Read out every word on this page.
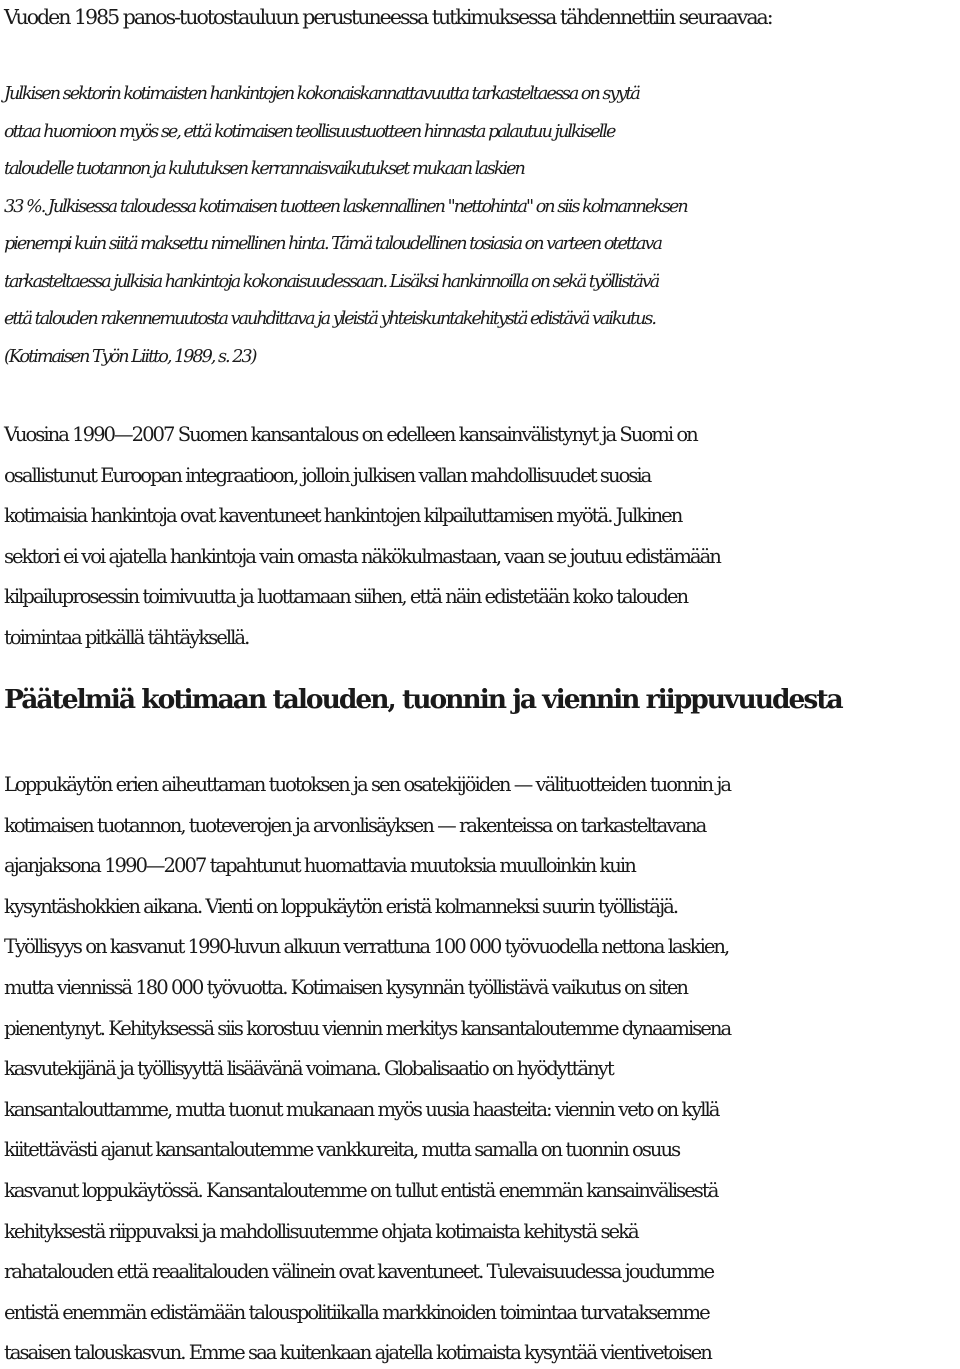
Vuoden 1985 panos-tuotostauluun perustuneessa tutkimuksessa tähdennettiin seuraavaa:

Julkisen sektorin kotimaisten hankintojen kokonaiskannattavuutta tarkasteltaessa on syytä
ottaa huomioon myös se, että kotimaisen teollisuustuotteen hinnasta palautuu julkiselle
taloudelle tuotannon ja kulutuksen kerrannaisvaikutukset mukaan laskien
33 %. Julkisessa taloudessa kotimaisen tuotteen laskennallinen "nettohinta" on siis kolmanneksen
pienempi kuin siitä maksettu nimellinen hinta. Tämä taloudellinen tosiasia on varteen otettava
tarkasteltaessa julkisia hankintoja kokonaisuudessaan. Lisäksi hankinnoilla on sekä työllistävä
että talouden rakennemuutosta vauhdittava ja yleistä yhteiskuntakehitystä edistävä vaikutus.
(Kotimaisen Työn Liitto, 1989, s. 23)
Vuosina 1990—2007 Suomen kansantalous on edelleen kansainvälistynyt ja Suomi on
osallistunut Euroopan integraatioon, jolloin julkisen vallan mahdollisuudet suosia
kotimaisia hankintoja ovat kaventuneet hankintojen kilpailuttamisen myötä. Julkinen
sektori ei voi ajatella hankintoja vain omasta näkökulmastaan, vaan se joutuu edistämään
kilpailuprosessin toimivuutta ja luottamaan siihen, että näin edistetään koko talouden
toimintaa pitkällä tähtäyksellä.
Päätelmiä kotimaan talouden, tuonnin ja viennin riippuvuudesta
Loppukäytön erien aiheuttaman tuotoksen ja sen osatekijöiden — välituotteiden tuonnin ja
kotimaisen tuotannon, tuoteverojen ja arvonlisäyksen — rakenteissa on tarkasteltavana
ajanjaksona 1990—2007 tapahtunut huomattavia muutoksia muulloinkin kuin
kysyntäshokkien aikana. Vienti on loppukäytön eristä kolmanneksi suurin työllistäjä.
Työllisyys on kasvanut 1990-luvun alkuun verrattuna 100 000 työvuodella nettona laskien,
mutta viennissä 180 000 työvuotta. Kotimaisen kysynnän työllistävä vaikutus on siten
pienentynyt. Kehityksessä siis korostuu viennin merkitys kansantaloutemme dynaamisena
kasvutekijänä ja työllisyyttä lisäävänä voimana. Globalisaatio on hyödyttänyt
kansantalouttamme, mutta tuonut mukanaan myös uusia haasteita: viennin veto on kyllä
kiitettävästi ajanut kansantaloutemme vankkureita, mutta samalla on tuonnin osuus
kasvanut loppukäytössä. Kansantaloutemme on tullut entistä enemmän kansainvälisestä
kehityksestä riippuvaksi ja mahdollisuutemme ohjata kotimaista kehitystä sekä
rahatalouden että reaalitalouden välinein ovat kaventuneet. Tulevaisuudessa joudumme
entistä enemmän edistämään talouspolitiikalla markkinoiden toimintaa turvataksemme
tasaisen talouskasvun. Emme saa kuitenkaan ajatella kotimaista kysyntää vientivetoisen
